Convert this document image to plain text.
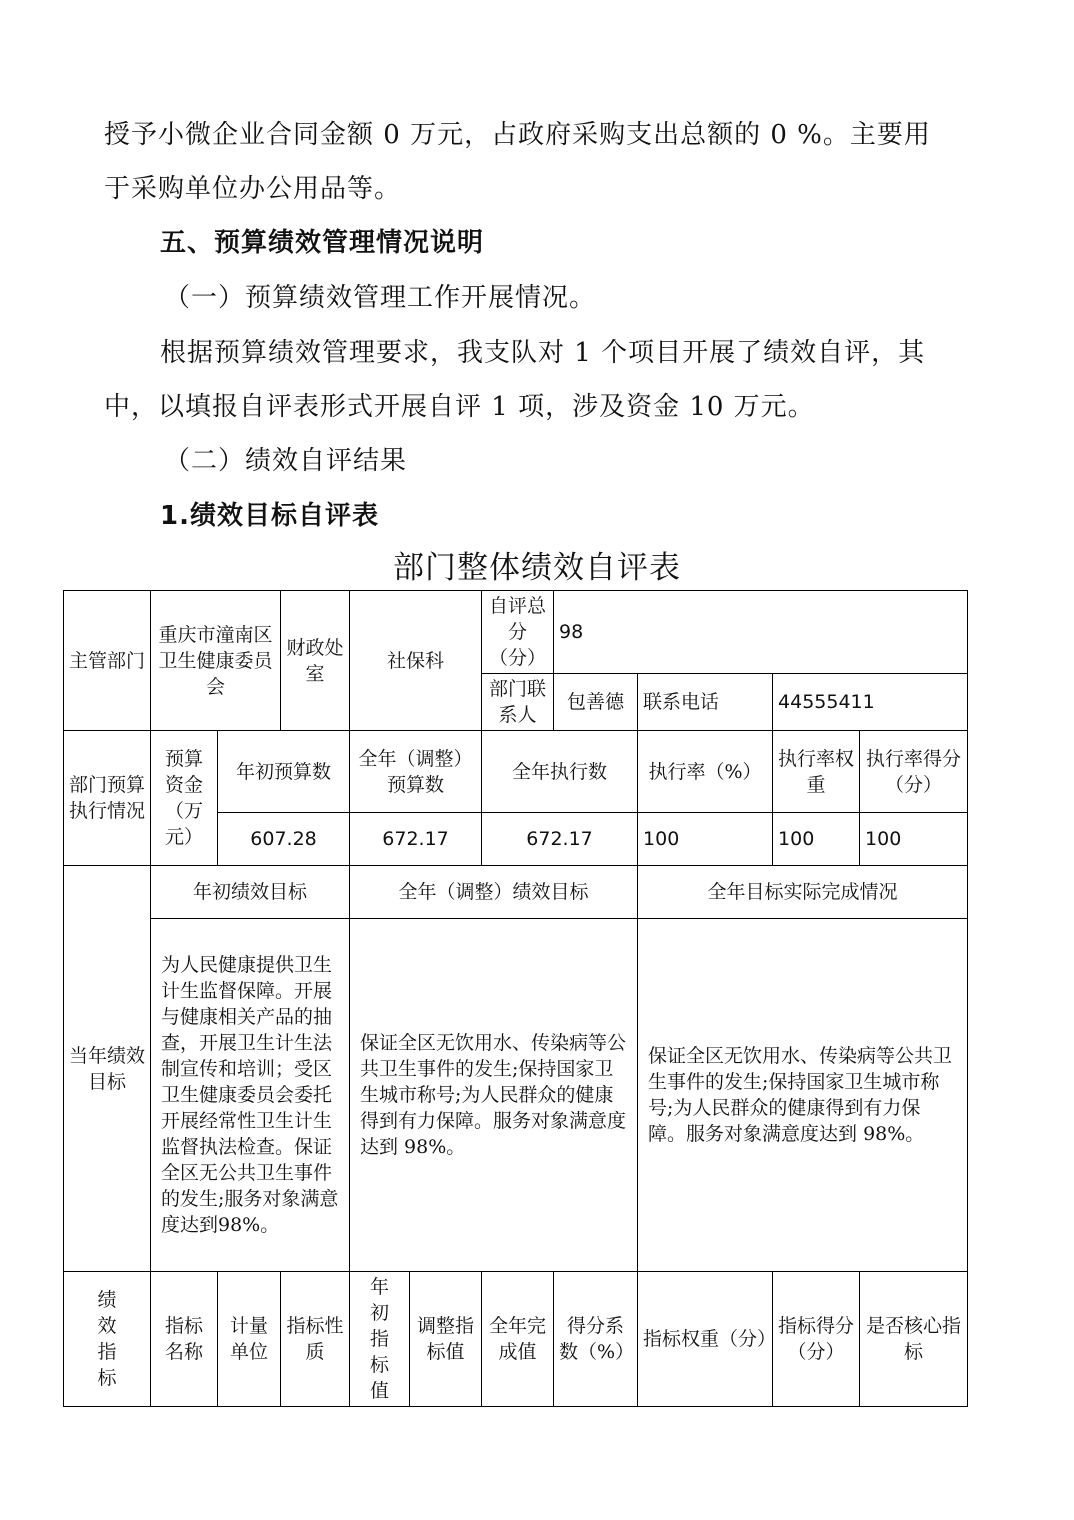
授予小微企业合同金额 0 万元，占政府采购支出总额的 0 %。主要用
于采购单位办公用品等。
五、预算绩效管理情况说明
（一）预算绩效管理工作开展情况。
根据预算绩效管理要求，我支队对 1 个项目开展了绩效自评，其
中，以填报自评表形式开展自评 1 项，涉及资金 10 万元。
（二）绩效自评结果
1.绩效目标自评表
部门整体绩效自评表
主管部门	重庆市潼南区卫生健康委员会		财政处室	社保科		自评总分（分）	98			
						部门联系人	包善德	联系电话	44555411	
部门预算执行情况	预算资金（万元）	年初预算数		全年（调整）预算数		全年执行数		执行率（%）	执行率权重	执行率得分（分）
		607.28		672.17		672.17		100	100	100
当年绩效目标	年初绩效目标			全年（调整）绩效目标				全年目标实际完成情况		
	为人民健康提供卫生计生监督保障。开展与健康相关产品的抽查，开展卫生计生法制宣传和培训；受区卫生健康委员会委托开展经常性卫生计生监督执法检查。保证全区无公共卫生事件的发生;服务对象满意度达到98%。			保证全区无饮用水、传染病等公共卫生事件的发生;保持国家卫生城市称号;为人民群众的健康得到有力保障。服务对象满意度达到 98%。				保证全区无饮用水、传染病等公共卫生事件的发生;保持国家卫生城市称号;为人民群众的健康得到有力保障。服务对象满意度达到 98%。		
绩效指标	指标名称	计量单位	指标性质	年初指标值	调整指标值	全年完成值	得分系数（%）	指标权重（分）	指标得分（分）	是否核心指标
